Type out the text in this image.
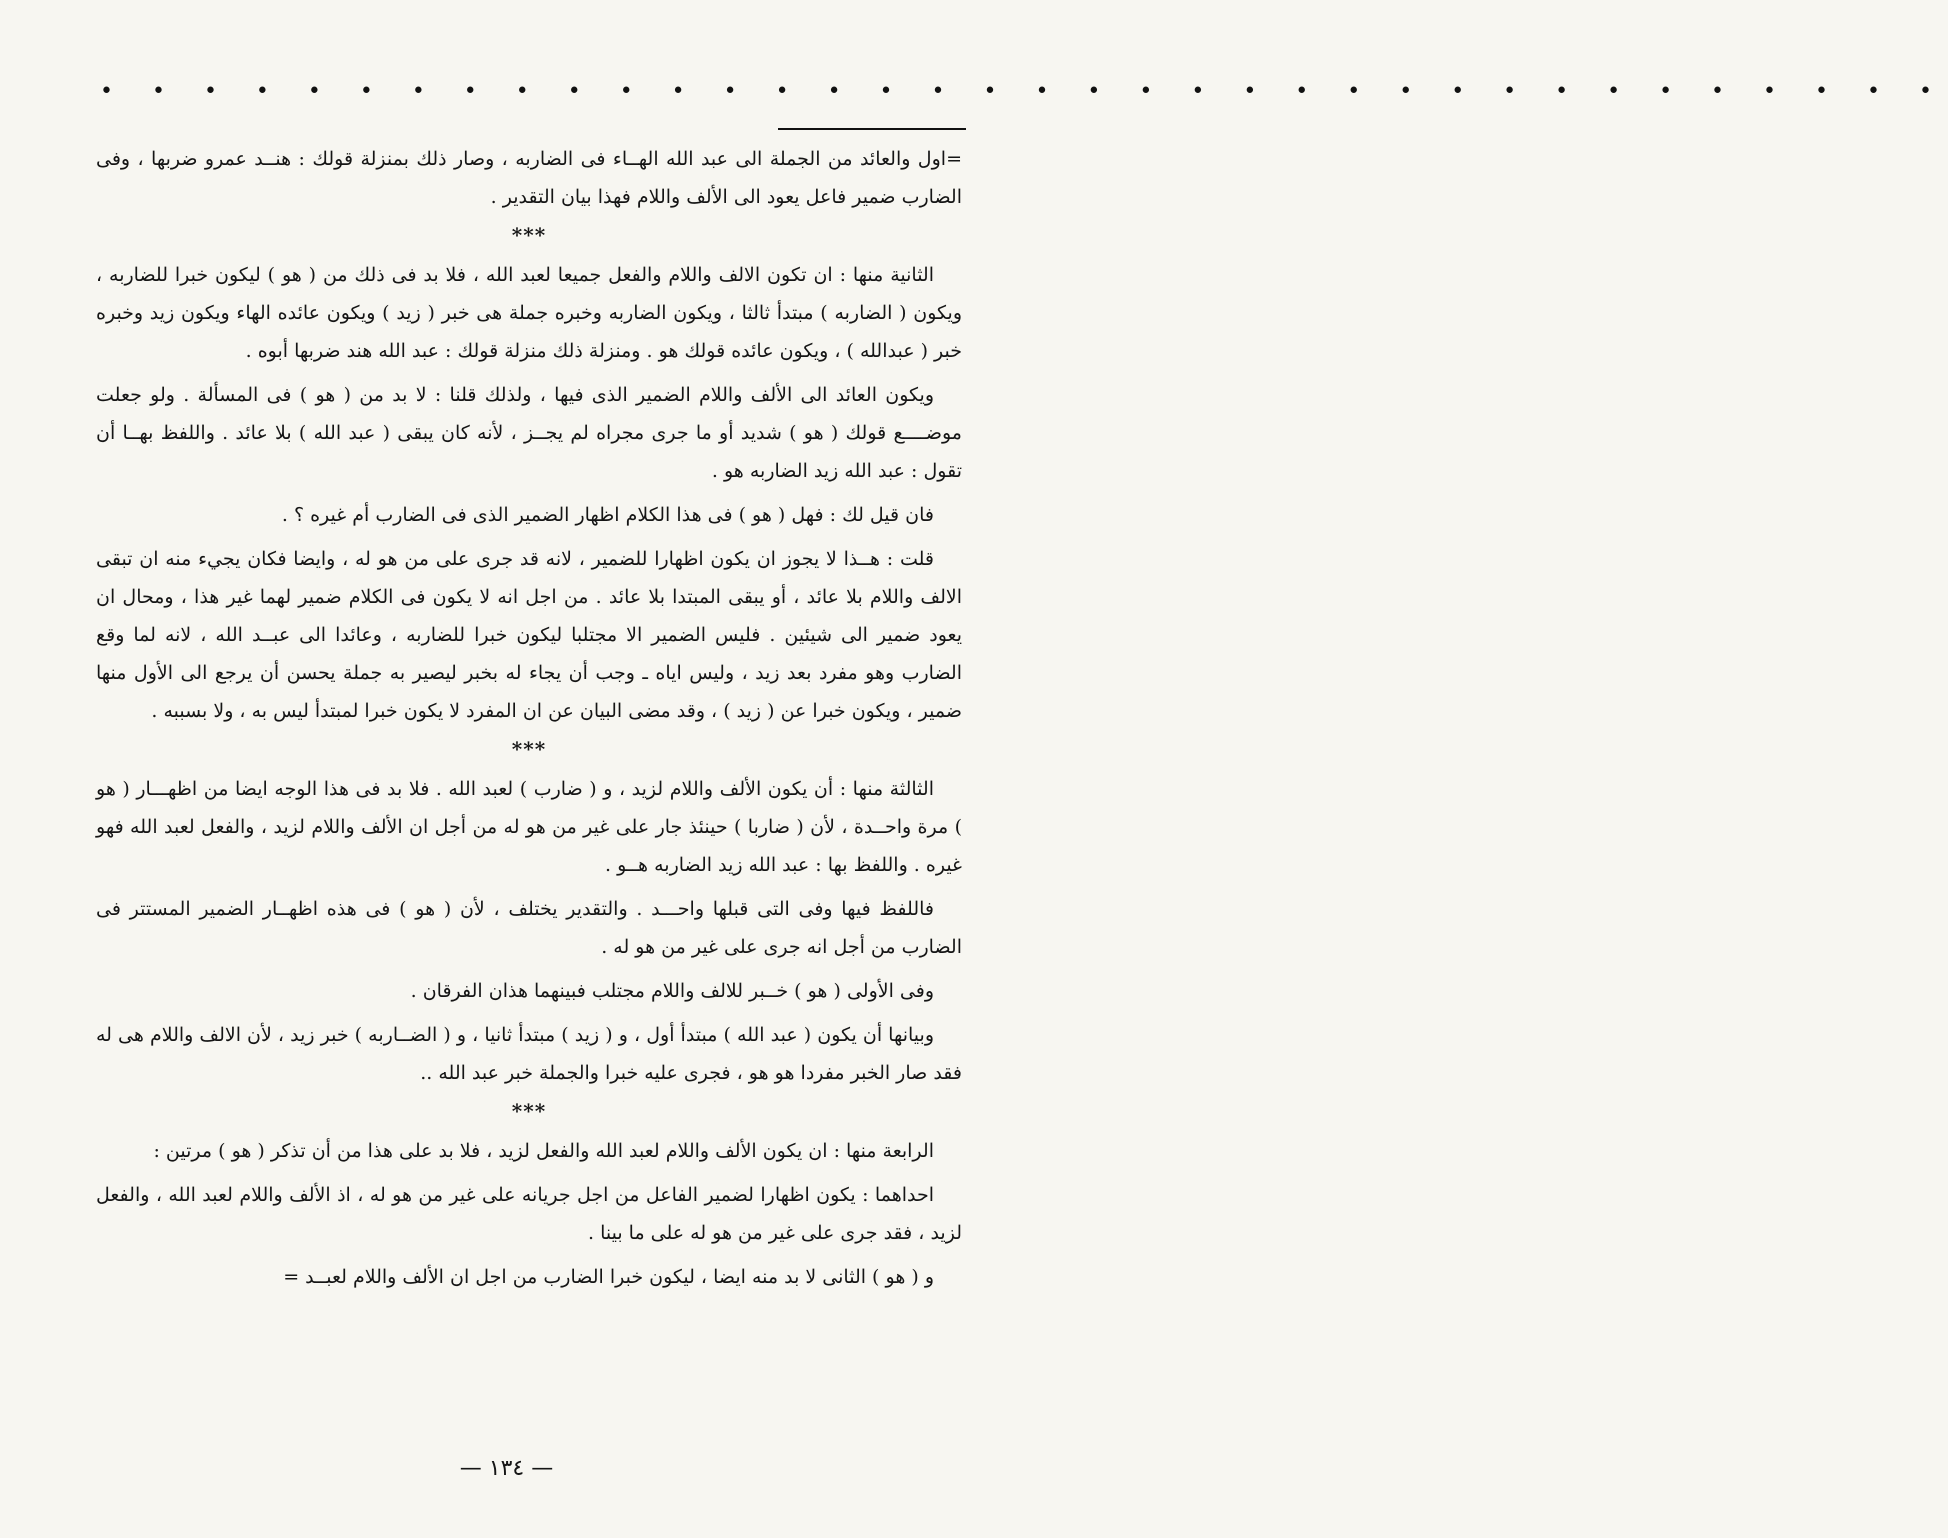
• • • • • • • • • • • • • • • • • • • • • • • • • • • • • • • • • • • •

=اول والعائد من الجملة الى عبد الله الهــاء فى الضاربه ، وصار ذلك بمنزلة قولك : هنــد عمرو ضربها ، وفى الضارب ضمير فاعل يعود الى الألف واللام فهذا بيان التقدير .

***

الثانية منها : ان تكون الالف واللام والفعل جميعا لعبد الله ، فلا بد فى ذلك من ( هو ) ليكون خبرا للضاربه ، ويكون ( الضاربه ) مبتدأ ثالثا ، ويكون الضاربه وخبره جملة هى خبر ( زيد ) ويكون عائده الهاء ويكون زيد وخبره خبر ( عبدالله ) ، ويكون عائده قولك هو . ومنزلة ذلك منزلة قولك : عبد الله هند ضربها أبوه .

ويكون العائد الى الألف واللام الضمير الذى فيها ، ولذلك قلنا : لا بد من ( هو ) فى المسألة . ولو جعلت موضــــع قولك ( هو ) شديد أو ما جرى مجراه لم يجــز ، لأنه كان يبقى ( عبد الله ) بلا عائد . واللفظ بهــا أن تقول : عبد الله زيد الضاربه هو .

فان قيل لك : فهل ( هو ) فى هذا الكلام اظهار الضمير الذى فى الضارب أم غيره ؟ .

قلت : هــذا لا يجوز ان يكون اظهارا للضمير ، لانه قد جرى على من هو له ، وايضا فكان يجيء منه ان تبقى الالف واللام بلا عائد ، أو يبقى المبتدا بلا عائد . من اجل انه لا يكون فى الكلام ضمير لهما غير هذا ، ومحال ان يعود ضمير الى شيئين . فليس الضمير الا مجتلبا ليكون خبرا للضاربه ، وعائدا الى عبــد الله ، لانه لما وقع الضارب وهو مفرد بعد زيد ، وليس اياه ـ وجب أن يجاء له بخبر ليصير به جملة يحسن أن يرجع الى الأول منها ضمير ، ويكون خبرا عن ( زيد ) ، وقد مضى البيان عن ان المفرد لا يكون خبرا لمبتدأ ليس به ، ولا بسببه .

***

الثالثة منها : أن يكون الألف واللام لزيد ، و ( ضارب ) لعبد الله . فلا بد فى هذا الوجه ايضا من اظهـــار ( هو ) مرة واحــدة ، لأن ( ضاربا ) حينئذ جار على غير من هو له من أجل ان الألف واللام لزيد ، والفعل لعبد الله فهو غيره . واللفظ بها : عبد الله زيد الضاربه هــو .

فاللفظ فيها وفى التى قبلها واحـــد . والتقدير يختلف ، لأن ( هو ) فى هذه اظهــار الضمير المستتر فى الضارب من أجل انه جرى على غير من هو له .

وفى الأولى ( هو ) خــبر للالف واللام مجتلب فبينهما هذان الفرقان .

وبيانها أن يكون ( عبد الله ) مبتدأ أول ، و ( زيد ) مبتدأ ثانيا ، و ( الضــاربه ) خبر زيد ، لأن الالف واللام هى له فقد صار الخبر مفردا هو هو ، فجرى عليه خبرا والجملة خبر عبد الله ..

***

الرابعة منها : ان يكون الألف واللام لعبد الله والفعل لزيد ، فلا بد على هذا من أن تذكر ( هو ) مرتين :

احداهما : يكون اظهارا لضمير الفاعل من اجل جريانه على غير من هو له ، اذ الألف واللام لعبد الله ، والفعل لزيد ، فقد جرى على غير من هو له على ما بينا .

و ( هو ) الثانى لا بد منه ايضا ، ليكون خبرا الضارب من اجل ان الألف واللام لعبــد =

— ١٣٤ —
